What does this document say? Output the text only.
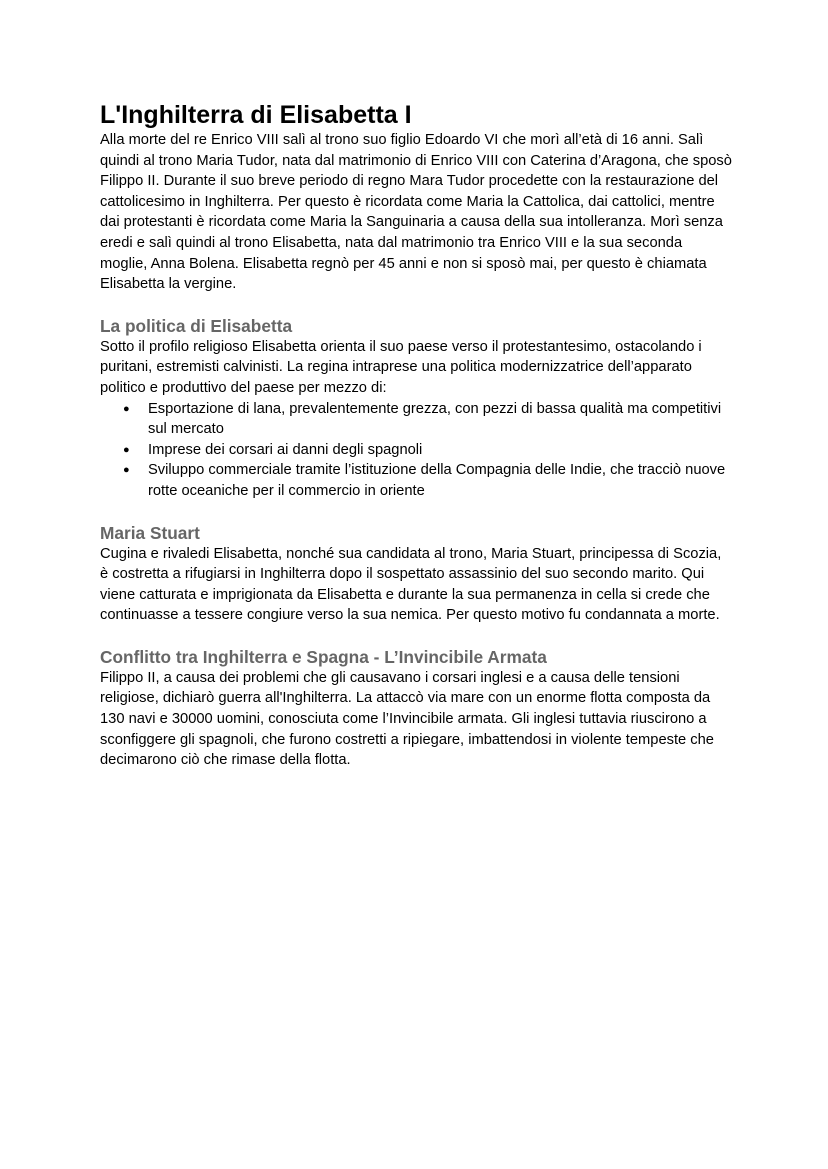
L'Inghilterra di Elisabetta I

Alla morte del re Enrico VIII salì al trono suo figlio Edoardo VI che morì all’età di 16 anni. Salì quindi al trono Maria Tudor, nata dal matrimonio di Enrico VIII con Caterina d’Aragona, che sposò Filippo II. Durante il suo breve periodo di regno Mara Tudor procedette con la restaurazione del cattolicesimo in Inghilterra. Per questo è ricordata come Maria la Cattolica, dai cattolici, mentre dai protestanti è ricordata come Maria la Sanguinaria a causa della sua intolleranza. Morì senza eredi e salì quindi al trono Elisabetta, nata dal matrimonio tra Enrico VIII e la sua seconda moglie, Anna Bolena. Elisabetta regnò per 45 anni e non si sposò mai, per questo è chiamata Elisabetta la vergine.

La politica di Elisabetta

Sotto il profilo religioso Elisabetta orienta il suo paese verso il protestantesimo, ostacolando i puritani, estremisti calvinisti. La regina intraprese una politica modernizzatrice dell’apparato politico e produttivo del paese per mezzo di:

● Esportazione di lana, prevalentemente grezza, con pezzi di bassa qualità ma competitivi sul mercato
● Imprese dei corsari ai danni degli spagnoli
● Sviluppo commerciale tramite l’istituzione della Compagnia delle Indie, che tracciò nuove rotte oceaniche per il commercio in oriente
Maria Stuart

Cugina e rivaledi Elisabetta, nonché sua candidata al trono, Maria Stuart, principessa di Scozia, è costretta a rifugiarsi in Inghilterra dopo il sospettato assassinio del suo secondo marito. Qui viene catturata e imprigionata da Elisabetta e durante la sua permanenza in cella si crede che continuasse a tessere congiure verso la sua nemica. Per questo motivo fu condannata a morte.

Conflitto tra Inghilterra e Spagna - L’Invincibile Armata

Filippo II, a causa dei problemi che gli causavano i corsari inglesi e a causa delle tensioni religiose, dichiarò guerra all'Inghilterra. La attaccò via mare con un enorme flotta composta da 130 navi e 30000 uomini, conosciuta come l’Invincibile armata. Gli inglesi tuttavia riuscirono a sconfiggere gli spagnoli, che furono costretti a ripiegare, imbattendosi in violente tempeste che decimarono ciò che rimase della flotta.
